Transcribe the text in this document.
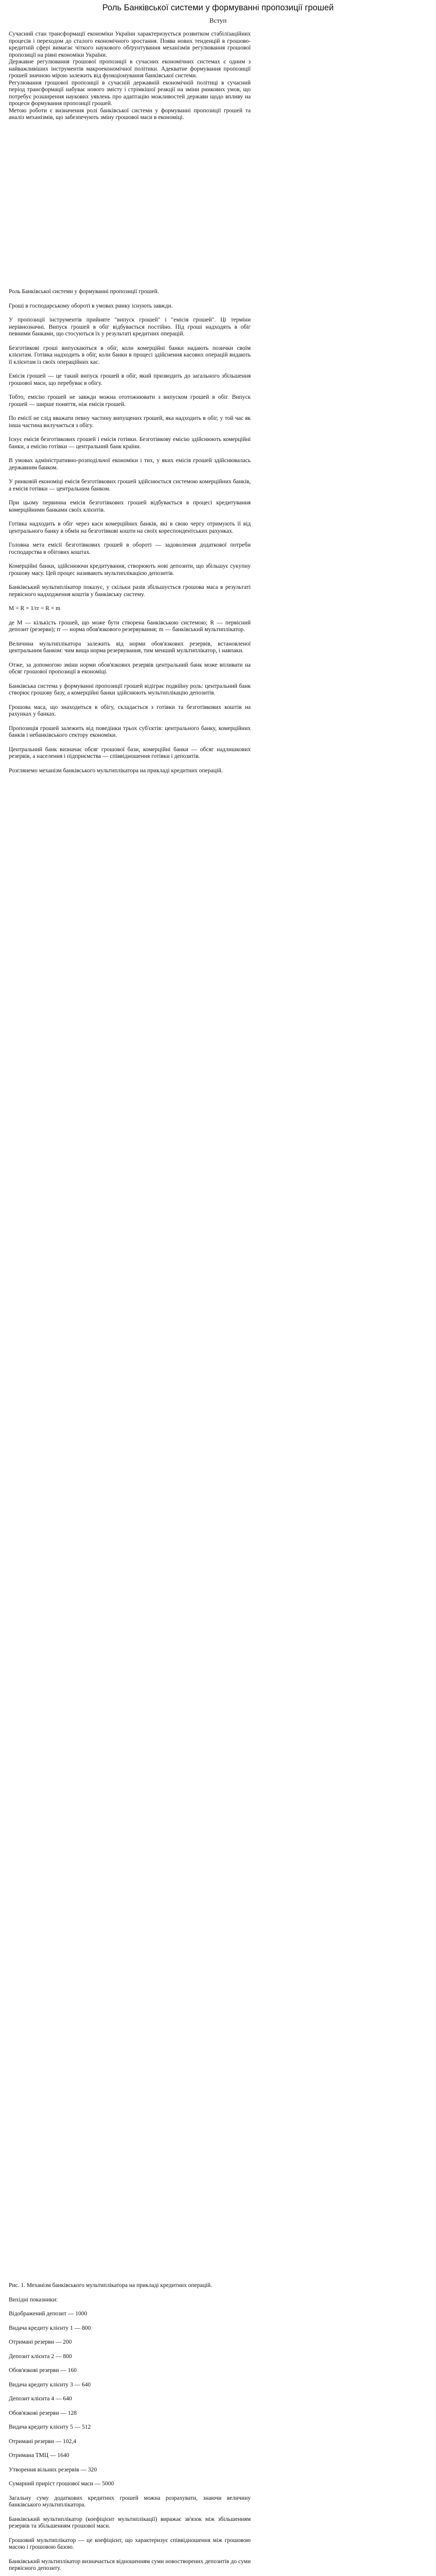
Роль Банківської системи у формуванні пропозиції грошей
Вступ

Сучасний стан трансформації економіки України характеризується розвитком стабілізаційних процесів і переходом до сталого економічного зростання. Поява нових тенденцій в грошово-кредитній сфері вимагає чіткого наукового обґрунтування механізмів регулювання грошової пропозиції на рівні економіки України.

Державне регулювання грошової пропозиції в сучасних економічних системах є одним з найважливіших інструментів макроекономічної політики. Адекватне формування пропозиції грошей значною мірою залежить від функціонування банківської системи.

Регулювання грошової пропозиції в сучасній державній економічній політиці в сучасний період трансформації набуває нового змісту і стрімкішої реакції на зміни ринкових умов, що потребує розширення наукових уявлень про адаптацію можливостей держави щодо впливу на процеси формування пропозиції грошей.

Метою роботи є визначення ролі банківської системи у формуванні пропозиції грошей та аналіз механізмів, що забезпечують зміну грошової маси в економіці.

Роль Банківської системи у формуванні пропозиції грошей.

Гроші в господарському обороті в умовах ринку існують завжди.

У пропозиції інструментів прийняте "випуск грошей" і "емісія грошей". Ці терміни нерівнозначні. Випуск грошей в обіг відбувається постійно. Під гроші надходять в обіг певними банками, що стосуються їх у результаті кредитних операцій.

Безготівкові гроші випускаються в обіг, коли комерційні банки надають позички своїм клієнтам. Готівка надходить в обіг, коли банки в процесі здійснення касових операцій видають її клієнтам із своїх операційних кас.

Емісія грошей — це такий випуск грошей в обіг, який призводить до загального збільшення грошової маси, що перебуває в обігу.

Тобто, емісію грошей не завжди можна ототожнювати з випуском грошей в обіг. Випуск грошей — ширше поняття, ніж емісія грошей.

По емісії не слід вважати певну частину випущених грошей, яка надходить в обіг, у той час як інша частина вилучається з обігу.

Існує емісія безготівкових грошей і емісія готівки. Безготівкову емісію здійснюють комерційні банки, а емісію готівки — центральний банк країни.

В умовах адміністративно-розподільчої економіки і тих, у яких емісія грошей здійснювалась державним банком.

У ринковій економіці емісія безготівкових грошей здійснюється системою комерційних банків, а емісія готівки — центральним банком.

При цьому первинна емісія безготівкових грошей відбувається в процесі кредитування комерційними банками своїх клієнтів.

Готівка надходить в обіг через каси комерційних банків, які в свою чергу отримують її від центрального банку в обмін на безготівкові кошти на своїх кореспондентських рахунках.

Головна мета емісії безготівкових грошей в обороті — задоволення додаткової потреби господарства в обігових коштах.

Комерційні банки, здійснюючи кредитування, створюють нові депозити, що збільшує сукупну грошову масу. Цей процес називають мультиплікацією депозитів.

Банківський мультиплікатор показує, у скільки разів збільшується грошова маса в результаті первісного надходження коштів у банківську систему.

М = R × 1/rr = R × m

де М — кількість грошей, що може бути створена банківською системою; R — первісний депозит (резерви); rr — норма обов'язкового резервування; m — банківський мультиплікатор.

Величина мультиплікатора залежить від норми обов'язкових резервів, встановленої центральним банком: чим вища норма резервування, тим менший мультиплікатор, і навпаки.

Отже, за допомогою зміни норми обов'язкових резервів центральний банк може впливати на обсяг грошової пропозиції в економіці.

Банківська система у формуванні пропозиції грошей відіграє подвійну роль: центральний банк створює грошову базу, а комерційні банки здійснюють мультиплікацію депозитів.

Грошова маса, що знаходиться в обігу, складається з готівки та безготівкових коштів на рахунках у банках.

Пропозиція грошей залежить від поведінки трьох суб'єктів: центрального банку, комерційних банків і небанківського сектору економіки.

Центральний банк визначає обсяг грошової бази, комерційні банки — обсяг надлишкових резервів, а населення і підприємства — співвідношення готівки і депозитів.

Розглянемо механізм банківського мультиплікатора на прикладі кредитних операцій.

Рис. 1. Механізм банківського мультиплікатора на прикладі кредитних операцій.

Вихідні показники:

Відображений депозит — 1000

Видача кредиту клієнту 1 — 800

Отримані резерви — 200

Депозит клієнта 2 — 800

Обов'язкові резерви — 160

Видача кредиту клієнту 3 — 640

Депозит клієнта 4 — 640

Обов'язкові резерви — 128

Видача кредиту клієнту 5 — 512

Отримані резерви — 102,4

Отримана ТМЦ — 1640

Утворення вільних резервів — 320

Сумарний приріст грошової маси — 5000

Загальну суму додаткових кредитних грошей можна розрахувати, знаючи величину банківського мультиплікатора.

Банківський мультиплікатор (коефіцієнт мультиплікації) виражає зв'язок між збільшенням резервів та збільшенням грошової маси.

Грошовий мультиплікатор — це коефіцієнт, що характеризує співвідношення між грошовою масою і грошовою базою.

Банківський мультиплікатор визначається відношенням суми новостворених депозитів до суми первісного депозиту.
